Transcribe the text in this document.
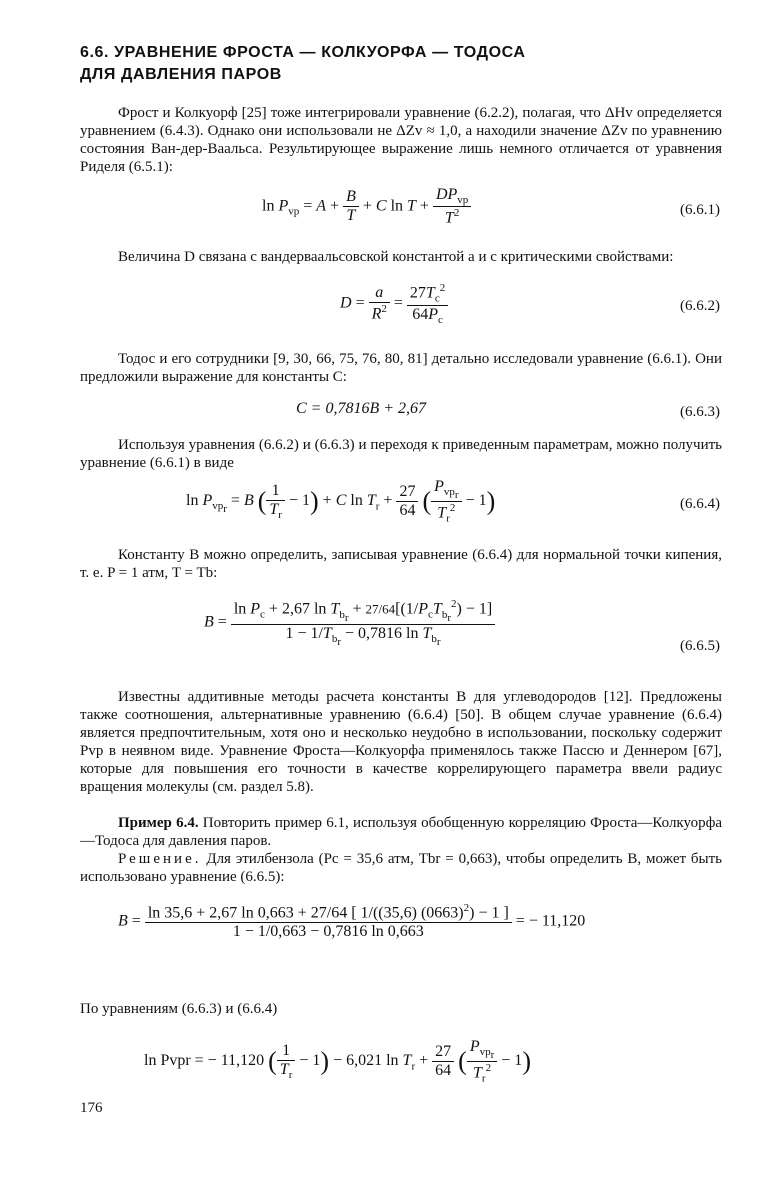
6.6. УРАВНЕНИЕ ФРОСТА — КОЛКУОРФА — ТОДОСА
ДЛЯ ДАВЛЕНИЯ ПАРОВ
Фрост и Колкуорф [25] тоже интегрировали уравнение (6.2.2), полагая, что ΔHv определяется уравнением (6.4.3). Однако они использовали не ΔZv ≈ 1,0, а находили значение ΔZv по уравнению состояния Ван-дер-Ваальса. Результирующее выражение лишь немного отличается от уравнения Риделя (6.5.1):
$\ln P_{vp} = A + \frac{B}{T} + C$ $\ln T + \frac{DP_{vp}}{T^2}$	(6.6.1)
Величина D связана с вандерваальсовской константой a и с критическими свойствами:
$D = \frac{a}{R^2} = \frac{27T_c^2}{64P_c}$	(6.6.2)
Тодос и его сотрудники [9, 30, 66, 75, 76, 80, 81] детально исследовали уравнение (6.6.1). Они предложили выражение для константы C:
C = 0,7816B + 2,67	(6.6.3)
Используя уравнения (6.6.2) и (6.6.3) и переходя к приведенным параметрам, можно получить уравнение (6.6.1) в виде
$\ln P_{vp_r} = B$ ( $\frac{1}{T_r} - 1) + C$ $\ln T_r + \frac{27}{64}$ ( $\frac{P_{vp_r}}{T_r^2} - 1$)	(6.6.4)
Константу B можно определить, записывая уравнение (6.6.4) для нормальной точки кипения, т. е. P = 1 атм, T = Tb:
$B = \frac{\ln P_c + 2,67 \ln T_{b_r} + 27/64[(1/P_cT_{b_r}^2) - 1]}{1 - 1/T_{b_r} - 0,7816 \ln T_{b_r}}$	(6.6.5)
Известны аддитивные методы расчета константы B для углеводородов [12]. Предложены также соотношения, альтернативные уравнению (6.6.4) [50]. В общем случае уравнение (6.6.4) является предпочтительным, хотя оно и несколько неудобно в использовании, поскольку содержит Pvp в неявном виде. Уравнение Фроста—Колкуорфа применялось также Пассю и Деннером [67], которые для повышения его точности в качестве коррелирующего параметра ввели радиус вращения молекулы (см. раздел 5.8).
Пример 6.4. Повторить пример 6.1, используя обобщенную корреляцию Фроста—Колкуорфа—Тодоса для давления паров.
Решение. Для этилбензола (Pc = 35,6 атм, Tbr = 0,663), чтобы определить B, может быть использовано уравнение (6.6.5):
$B = \frac{\ln 35,6 + 2,67 \ln 0,663 + 27/64 [ 1/((35,6) (0663)^2) - 1 ]}{1 - 1/0,663 - 0,7816 \ln 0,663}$ = − 11,120
По уравнениям (6.6.3) и (6.6.4)
ln Pvpr = − 11,120 ( $\frac{1}{T_r} - 1) - 6,021$ $\ln T_r + \frac{27}{64}$ ( $\frac{P_{vp_r}}{T_r^2} - 1$)
176
